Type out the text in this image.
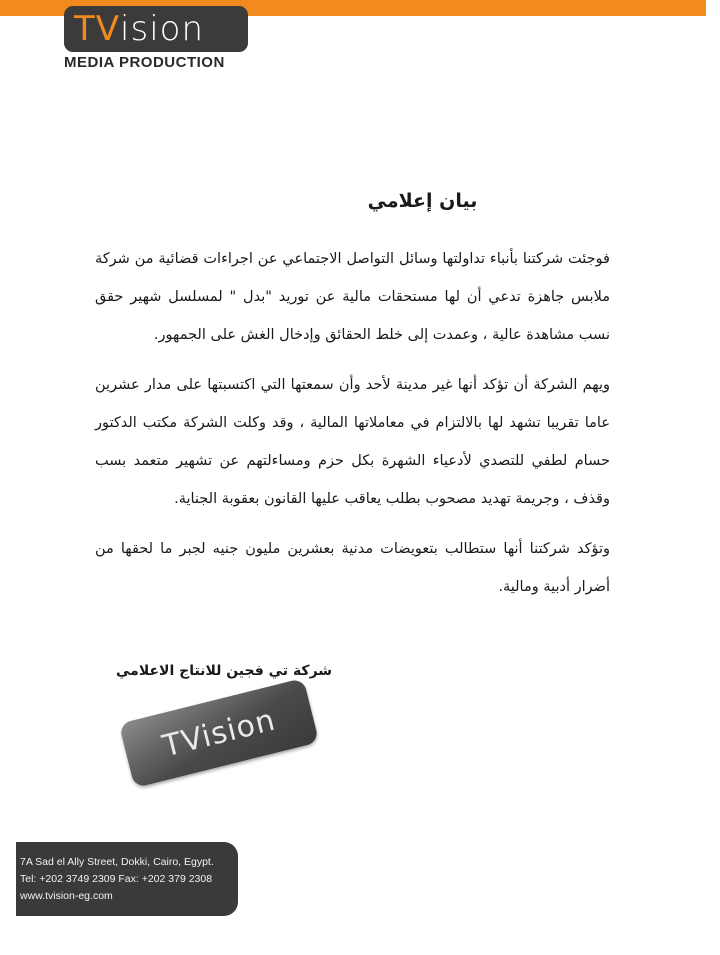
TV ision
MEDIA PRODUCTION
بيان إعلامي

فوجئت شركتنا بأنباء تداولتها وسائل التواصل الاجتماعي عن اجراءات قضائية من شركة ملابس جاهزة تدعي أن لها مستحقات مالية عن توريد "بدل " لمسلسل شهير حقق نسب مشاهدة عالية ، وعمدت إلى خلط الحقائق وإدخال الغش على الجمهور.

ويهم الشركة أن تؤكد أنها غير مدينة لأحد وأن سمعتها التي اكتسبتها على مدار عشرين عاما تقريبا تشهد لها بالالتزام في معاملاتها المالية ، وقد وكلت الشركة مكتب الدكتور حسام لطفي للتصدي لأدعياء الشهرة بكل حزم ومساءلتهم عن تشهير متعمد بسب وقذف ، وجريمة تهديد مصحوب بطلب يعاقب عليها القانون بعقوبة الجناية.

وتؤكد شركتنا أنها ستطالب بتعويضات مدنية بعشرين مليون جنيه لجبر ما لحقها من أضرار أدبية ومالية.

شركة تي فجين للانتاج الاعلامي
TVision
7A Sad el Ally Street, Dokki, Cairo, Egypt.
Tel: +202 3749 2309 Fax: +202 379 2308
www.tvision-eg.com
